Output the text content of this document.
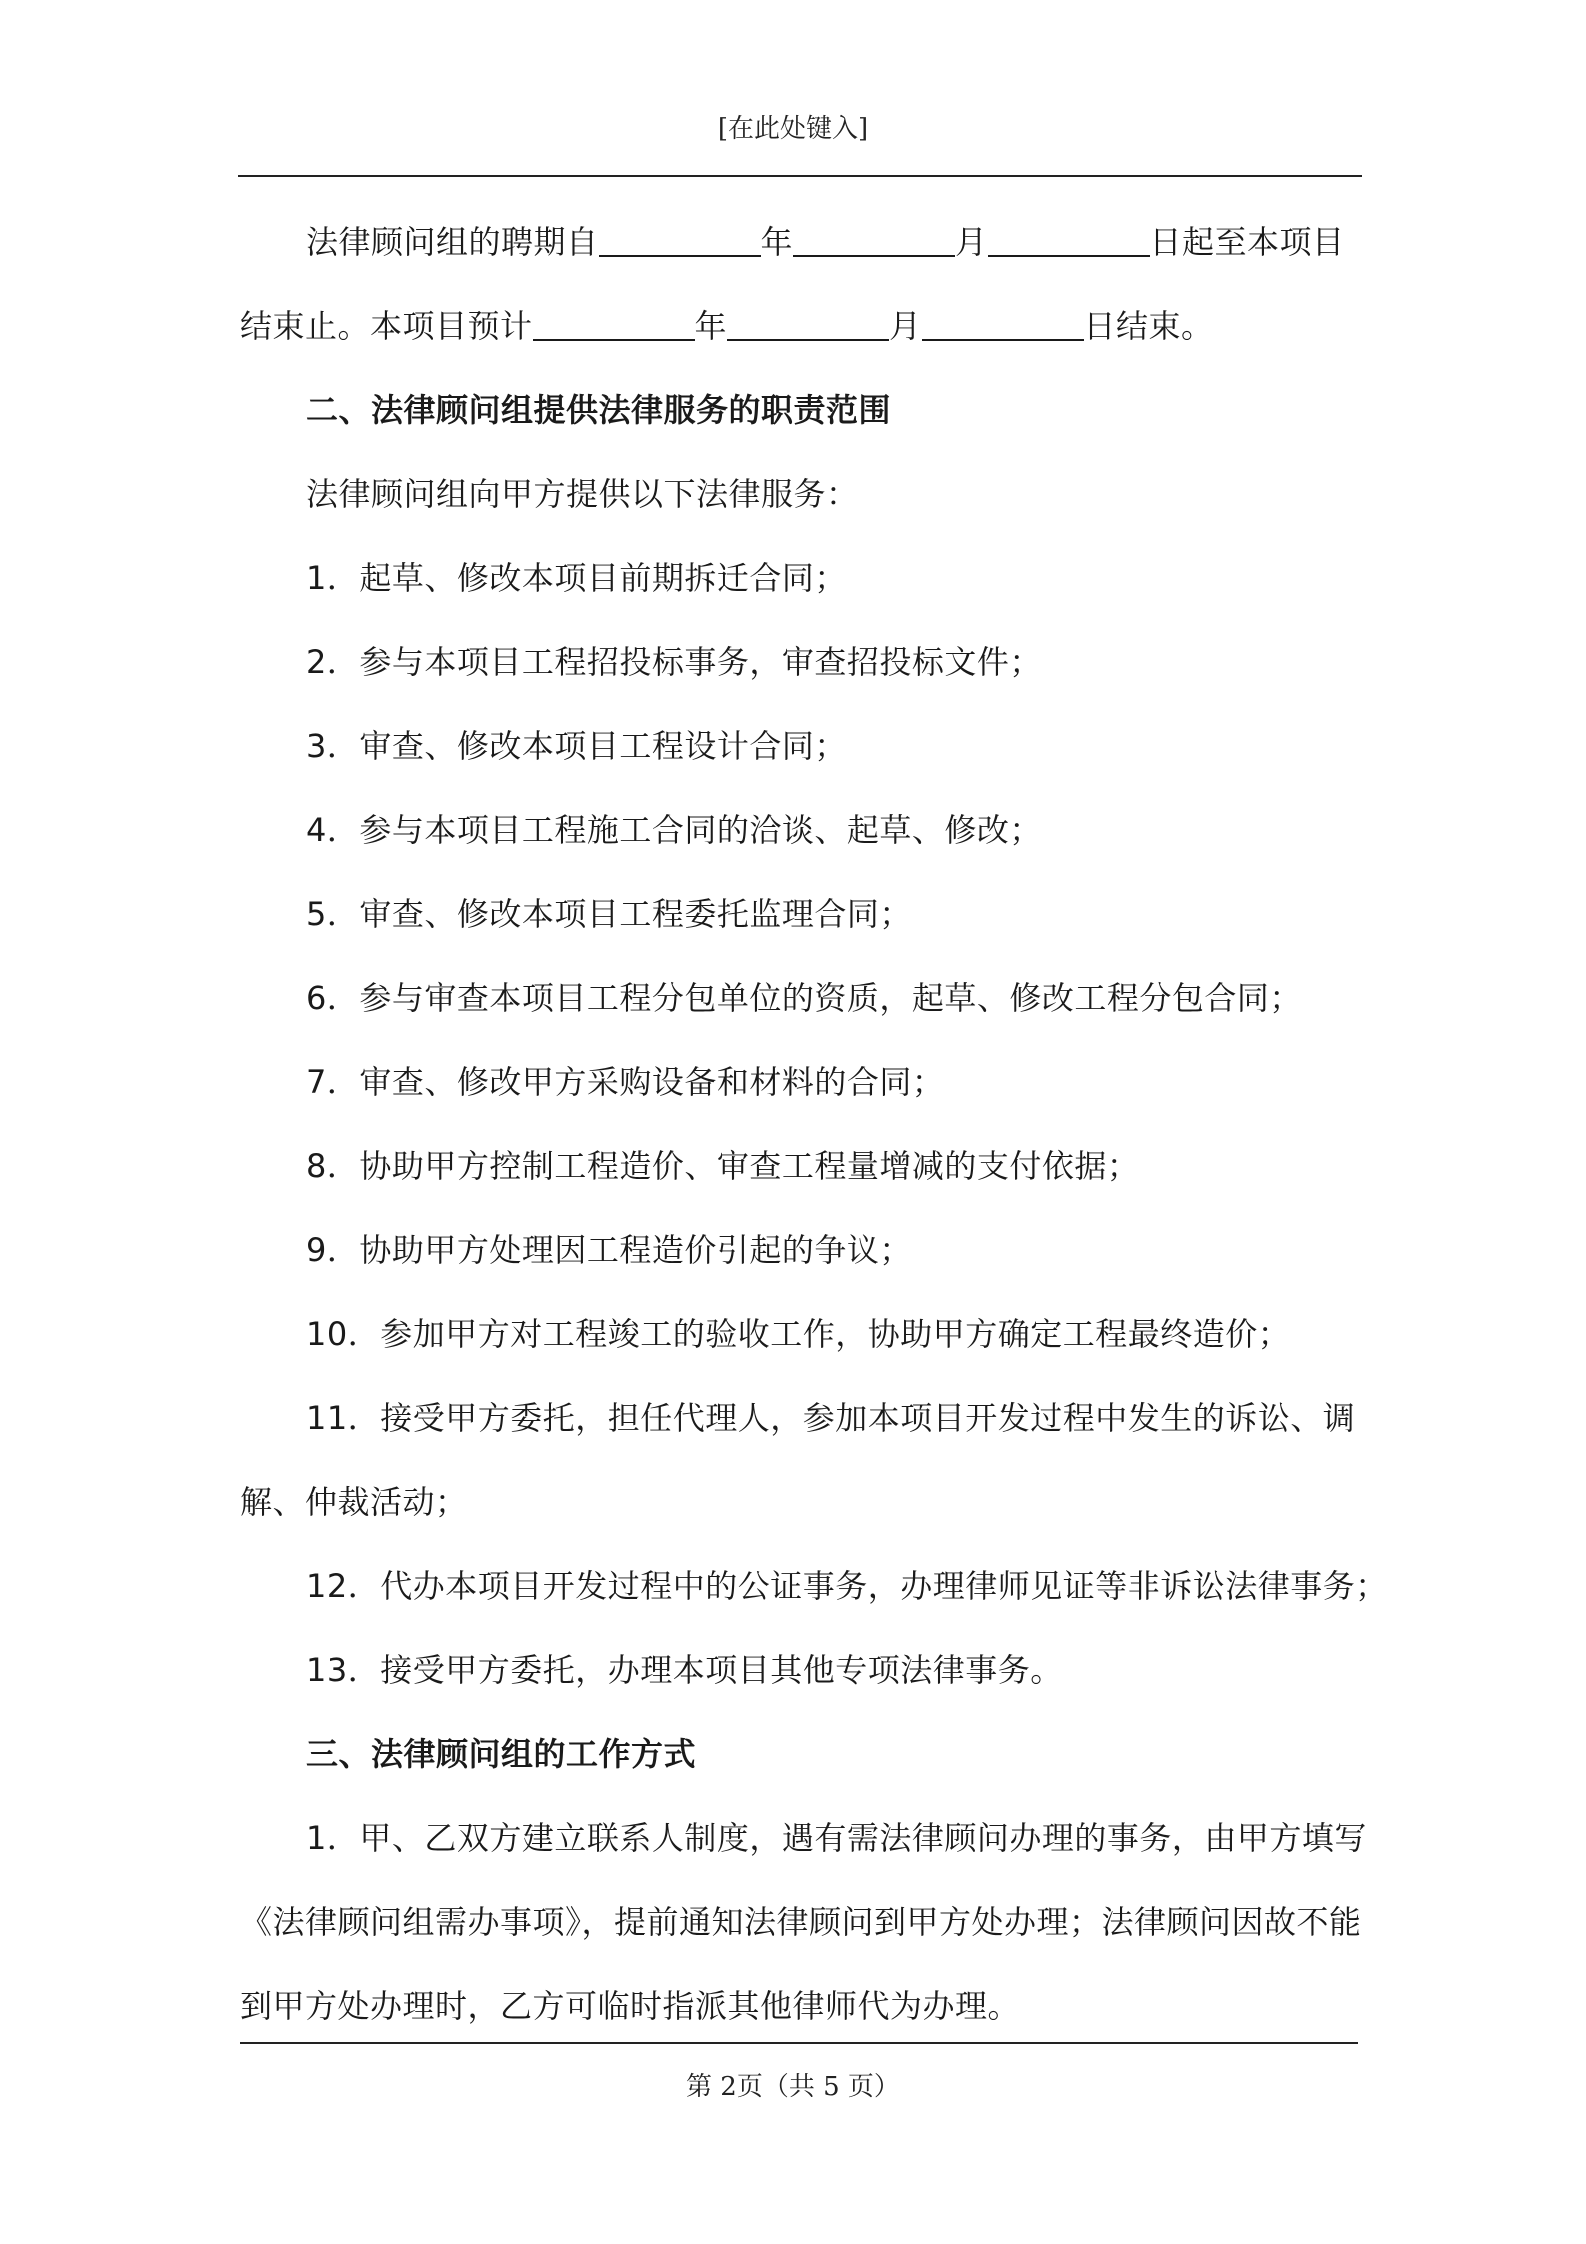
[在此处键入]

法律顾问组的聘期自	年	月	日起至本项目

结束止。本项目预计	年	月	日结束。

二、法律顾问组提供法律服务的职责范围

法律顾问组向甲方提供以下法律服务：

1．起草、修改本项目前期拆迁合同；

2．参与本项目工程招投标事务，审查招投标文件；

3．审查、修改本项目工程设计合同；

4．参与本项目工程施工合同的洽谈、起草、修改；

5．审查、修改本项目工程委托监理合同；

6．参与审查本项目工程分包单位的资质，起草、修改工程分包合同；

7．审查、修改甲方采购设备和材料的合同；

8．协助甲方控制工程造价、审查工程量增减的支付依据；

9．协助甲方处理因工程造价引起的争议；

10．参加甲方对工程竣工的验收工作，协助甲方确定工程最终造价；

11．接受甲方委托，担任代理人，参加本项目开发过程中发生的诉讼、调

解、仲裁活动；

12．代办本项目开发过程中的公证事务，办理律师见证等非诉讼法律事务；

13．接受甲方委托，办理本项目其他专项法律事务。

三、法律顾问组的工作方式

1．甲、乙双方建立联系人制度，遇有需法律顾问办理的事务，由甲方填写

《法律顾问组需办事项》，提前通知法律顾问到甲方处办理；法律顾问因故不能

到甲方处办理时，乙方可临时指派其他律师代为办理。

第 2页（共 5 页）
